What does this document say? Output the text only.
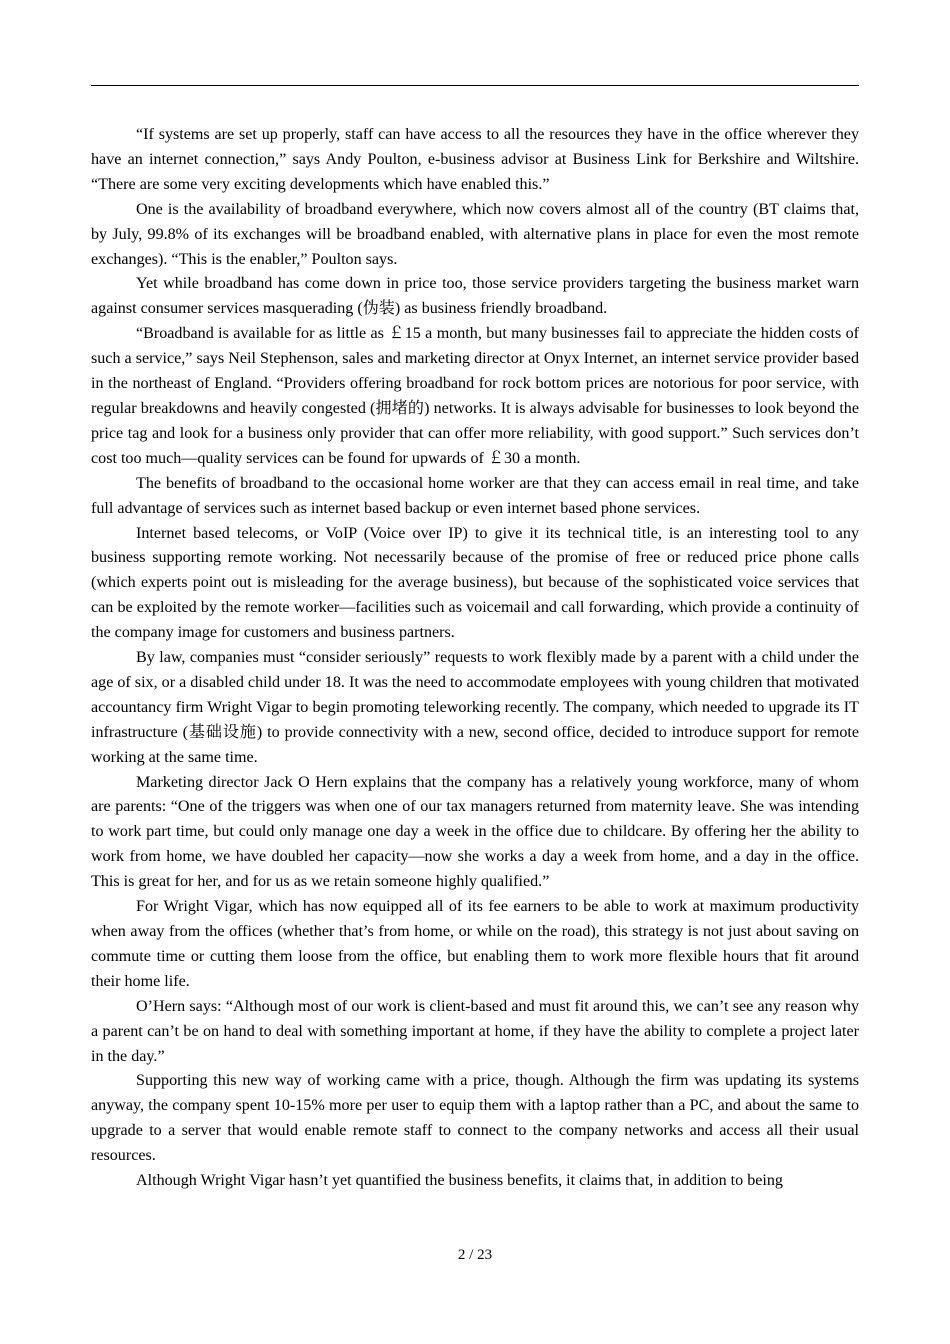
“If systems are set up properly, staff can have access to all the resources they have in the office wherever they have an internet connection,” says Andy Poulton, e-business advisor at Business Link for Berkshire and Wiltshire. “There are some very exciting developments which have enabled this.”

One is the availability of broadband everywhere, which now covers almost all of the country (BT claims that, by July, 99.8% of its exchanges will be broadband enabled, with alternative plans in place for even the most remote exchanges). “This is the enabler,” Poulton says.

Yet while broadband has come down in price too, those service providers targeting the business market warn against consumer services masquerading (伪装) as business friendly broadband.

“Broadband is available for as little as ￡15 a month, but many businesses fail to appreciate the hidden costs of such a service,” says Neil Stephenson, sales and marketing director at Onyx Internet, an internet service provider based in the northeast of England. “Providers offering broadband for rock bottom prices are notorious for poor service, with regular breakdowns and heavily congested (拥堵的) networks. It is always advisable for businesses to look beyond the price tag and look for a business only provider that can offer more reliability, with good support.” Such services don’t cost too much—quality services can be found for upwards of ￡30 a month.

The benefits of broadband to the occasional home worker are that they can access email in real time, and take full advantage of services such as internet based backup or even internet based phone services.

Internet based telecoms, or VoIP (Voice over IP) to give it its technical title, is an interesting tool to any business supporting remote working. Not necessarily because of the promise of free or reduced price phone calls (which experts point out is misleading for the average business), but because of the sophisticated voice services that can be exploited by the remote worker—facilities such as voicemail and call forwarding, which provide a continuity of the company image for customers and business partners.

By law, companies must “consider seriously” requests to work flexibly made by a parent with a child under the age of six, or a disabled child under 18. It was the need to accommodate employees with young children that motivated accountancy firm Wright Vigar to begin promoting teleworking recently. The company, which needed to upgrade its IT infrastructure (基础设施) to provide connectivity with a new, second office, decided to introduce support for remote working at the same time.

Marketing director Jack O Hern explains that the company has a relatively young workforce, many of whom are parents: “One of the triggers was when one of our tax managers returned from maternity leave. She was intending to work part time, but could only manage one day a week in the office due to childcare. By offering her the ability to work from home, we have doubled her capacity—now she works a day a week from home, and a day in the office. This is great for her, and for us as we retain someone highly qualified.”

For Wright Vigar, which has now equipped all of its fee earners to be able to work at maximum productivity when away from the offices (whether that’s from home, or while on the road), this strategy is not just about saving on commute time or cutting them loose from the office, but enabling them to work more flexible hours that fit around their home life.

O’Hern says: “Although most of our work is client-based and must fit around this, we can’t see any reason why a parent can’t be on hand to deal with something important at home, if they have the ability to complete a project later in the day.”

Supporting this new way of working came with a price, though. Although the firm was updating its systems anyway, the company spent 10-15% more per user to equip them with a laptop rather than a PC, and about the same to upgrade to a server that would enable remote staff to connect to the company networks and access all their usual resources.

Although Wright Vigar hasn’t yet quantified the business benefits, it claims that, in addition to being

2 / 23
